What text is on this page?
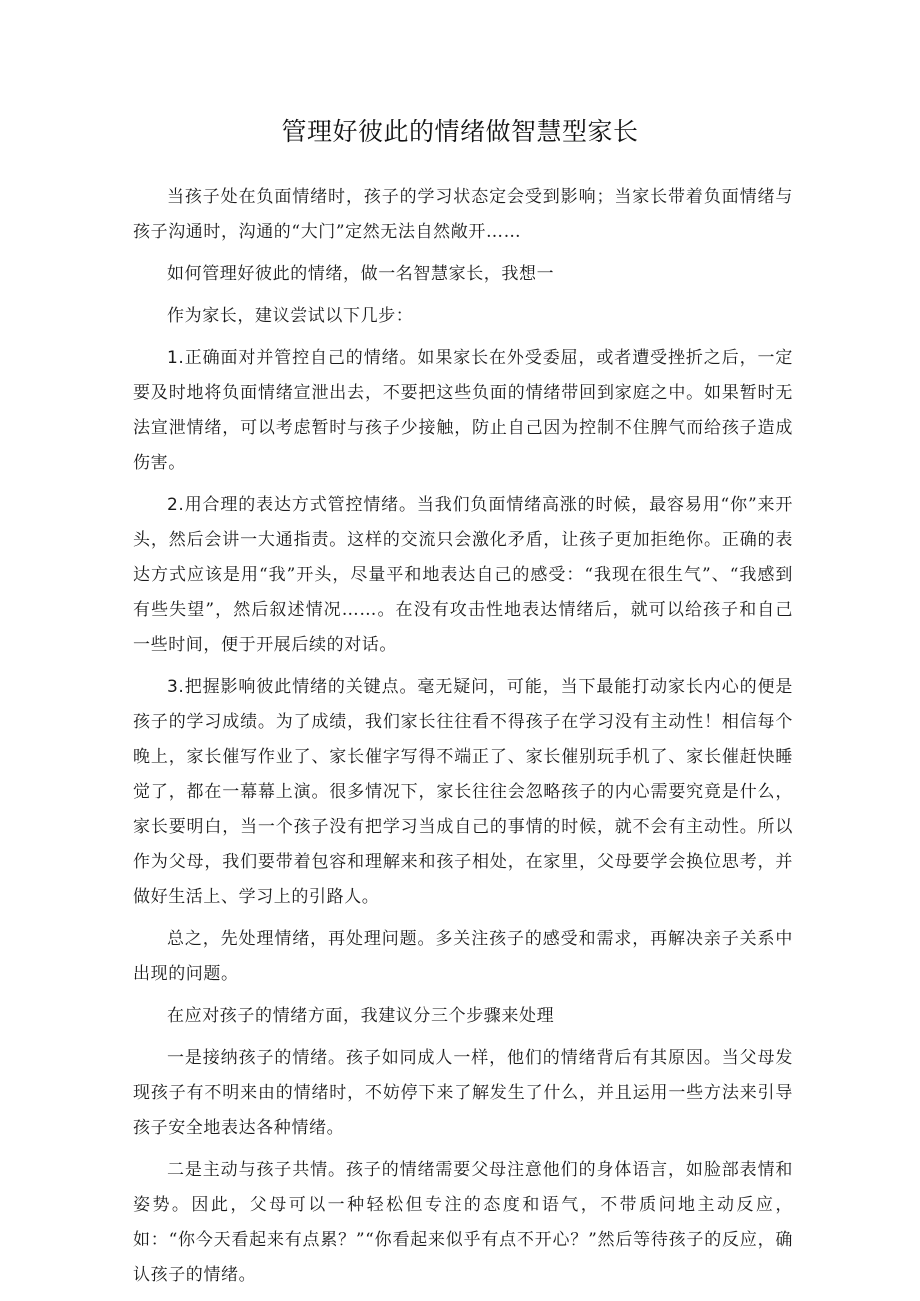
管理好彼此的情绪做智慧型家长

当孩子处在负面情绪时，孩子的学习状态定会受到影响；当家长带着负面情绪与孩子沟通时，沟通的“大门”定然无法自然敞开……

如何管理好彼此的情绪，做一名智慧家长，我想一

作为家长，建议尝试以下几步：

1.正确面对并管控自己的情绪。如果家长在外受委屈，或者遭受挫折之后，一定要及时地将负面情绪宣泄出去，不要把这些负面的情绪带回到家庭之中。如果暂时无法宣泄情绪，可以考虑暂时与孩子少接触，防止自己因为控制不住脾气而给孩子造成伤害。

2.用合理的表达方式管控情绪。当我们负面情绪高涨的时候，最容易用“你”来开头，然后会讲一大通指责。这样的交流只会激化矛盾，让孩子更加拒绝你。正确的表达方式应该是用“我”开头，尽量平和地表达自己的感受：“我现在很生气”、“我感到有些失望”，然后叙述情况……。在没有攻击性地表达情绪后，就可以给孩子和自己一些时间，便于开展后续的对话。

3.把握影响彼此情绪的关键点。毫无疑问，可能，当下最能打动家长内心的便是孩子的学习成绩。为了成绩，我们家长往往看不得孩子在学习没有主动性！相信每个晚上，家长催写作业了、家长催字写得不端正了、家长催别玩手机了、家长催赶快睡觉了，都在一幕幕上演。很多情况下，家长往往会忽略孩子的内心需要究竟是什么，家长要明白，当一个孩子没有把学习当成自己的事情的时候，就不会有主动性。所以作为父母，我们要带着包容和理解来和孩子相处，在家里，父母要学会换位思考，并做好生活上、学习上的引路人。

总之，先处理情绪，再处理问题。多关注孩子的感受和需求，再解决亲子关系中出现的问题。

在应对孩子的情绪方面，我建议分三个步骤来处理

一是接纳孩子的情绪。孩子如同成人一样，他们的情绪背后有其原因。当父母发现孩子有不明来由的情绪时，不妨停下来了解发生了什么，并且运用一些方法来引导孩子安全地表达各种情绪。

二是主动与孩子共情。孩子的情绪需要父母注意他们的身体语言，如脸部表情和姿势。因此，父母可以一种轻松但专注的态度和语气，不带质问地主动反应，如：“你今天看起来有点累？”“你看起来似乎有点不开心？”然后等待孩子的反应，确认孩子的情绪。
